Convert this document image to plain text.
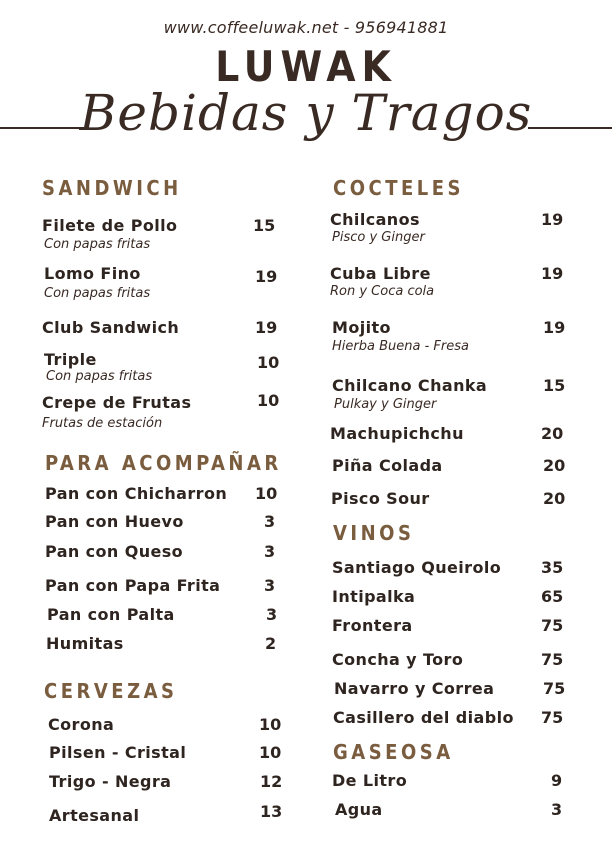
www.coffeeluwak.net - 956941881
LUWAK
Bebidas y Tragos
SANDWICH
Filete de Pollo	15
Con papas fritas
Lomo Fino	19
Con papas fritas
Club Sandwich	19
Triple	10
Con papas fritas
Crepe de Frutas	10
Frutas de estación
PARA ACOMPAÑAR
Pan con Chicharron 10
Pan con Huevo	3
Pan con Queso	3
Pan con Papa Frita	3
Pan con Palta	3
Humitas	2
CERVEZAS
Corona	10
Pilsen - Cristal	10
Trigo - Negra	12
Artesanal	13
COCTELES
Chilcanos	19
Pisco y Ginger
Cuba Libre	19
Ron y Coca cola
Mojito	19
Hierba Buena - Fresa
Chilcano Chanka	15
Pulkay y Ginger
Machupichchu	20
Piña Colada	20
Pisco Sour	20
VINOS
Santiago Queirolo 35
Intipalka	65
Frontera	75
Concha y Toro	75
Navarro y Correa	75
Casillero del diablo 75
GASEOSA
De Litro	9
Agua	3
